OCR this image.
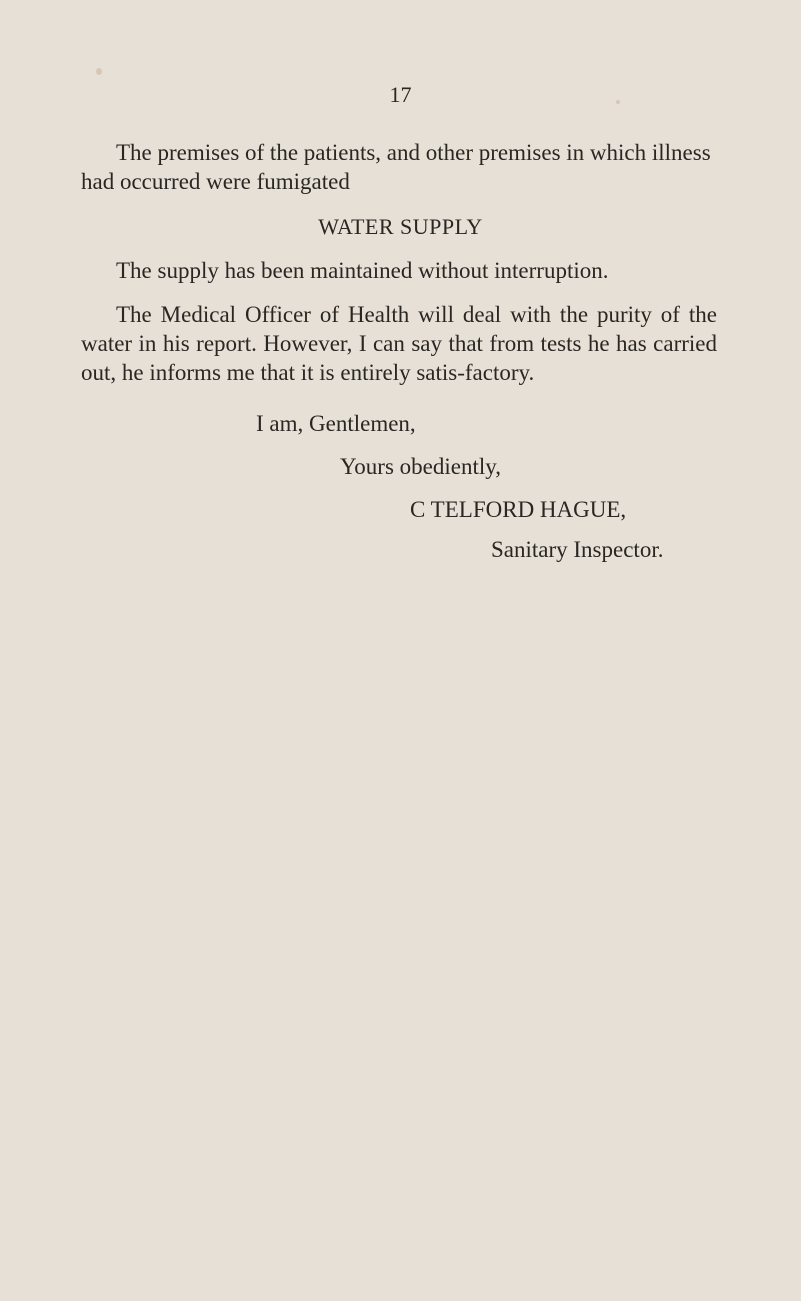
17

The premises of the patients, and other premises in which illness had occurred were fumigated

WATER SUPPLY

The supply has been maintained without interruption.

The Medical Officer of Health will deal with the purity of the water in his report. However, I can say that from tests he has carried out, he informs me that it is entirely satis-factory.

I am, Gentlemen,

Yours obediently,

C TELFORD HAGUE,

Sanitary Inspector.
